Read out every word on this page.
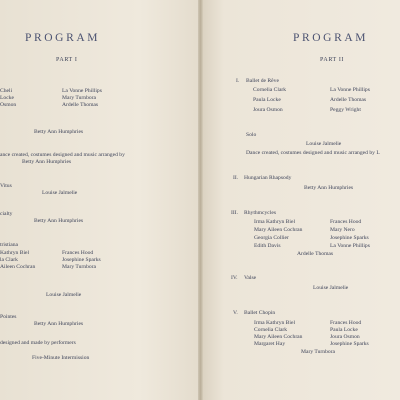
PROGRAM
PART I
Cheli
Locke
Osmon
La Vonne Phillips
Mary Turnbora
Ardelle Thomas
Betty Ann Humphries
ance created, costumes designed and music arranged by
Betty Ann Humphries
Vitus
Louise Jalmelie
cialty
Betty Ann Humphries
tristiana
Kathryn Biel
la Clark
Aileen Cochran
Frances Hood
Josephine Sparks
Mary Turnbora
Louise Jalmelie
Pointes
Betty Ann Humphries
designed and made by performers
Five-Minute Intermission
PROGRAM
PART II
I. Ballet de Rêve
Cornelia Clark
Paula Locke
Joura Osmon
La Vonne Phillips
Ardelle Thomas
Peggy Wright
Solo
Louise Jalmelie
Dance created, costumes designed and music arranged by L
II. Hungarian Rhapsody
Betty Ann Humphries
III. Rhythmcycles
Irma Kathryn Biel
Mary Aileen Cochran
Georgia Collier
Edith Davis
Frances Hood
Mary Nero
Josephine Sparks
La Vonne Phillips
Ardelle Thomas
IV. Valse
Louise Jalmelie
V. Ballet Chopin
Irma Kathryn Biel
Cornelia Clark
Mary Aileen Cochran
Margaret Hay
Frances Hood
Paula Locke
Joura Osmon
Josephine Sparks
Mary Turnbora
